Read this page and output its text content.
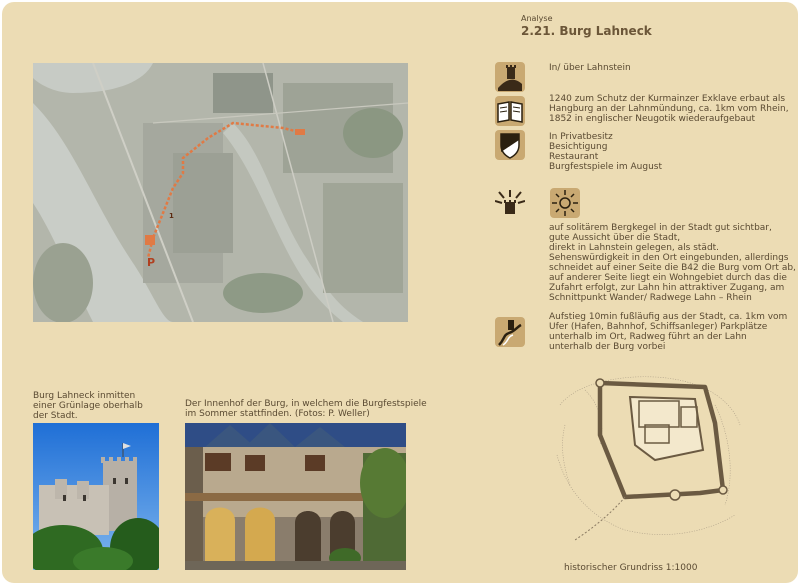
Analyse
2.21. Burg Lahneck
P
1
In/ über Lahnstein
1240 zum Schutz der Kurmainzer Exklave erbaut als
Hangburg an der Lahnmündung, ca. 1km vom Rhein,
1852 in englischer Neugotik wiederaufgebaut
In Privatbesitz
Besichtigung
Restaurant
Burgfestspiele im August
auf solitärem Bergkegel in der Stadt gut sichtbar,
gute Aussicht über die Stadt,
direkt in Lahnstein gelegen, als städt.
Sehenswürdigkeit in den Ort eingebunden, allerdings
schneidet auf einer Seite die B42 die Burg vom Ort ab,
auf anderer Seite liegt ein Wohngebiet durch das die
Zufahrt erfolgt, zur Lahn hin attraktiver Zugang, am
Schnittpunkt Wander/ Radwege Lahn – Rhein
Aufstieg 10min fußläufig aus der Stadt, ca. 1km vom
Ufer (Hafen, Bahnhof, Schiffsanleger) Parkplätze
unterhalb im Ort, Radweg führt an der Lahn
unterhalb der Burg vorbei
Burg Lahneck inmitten
einer Grünlage oberhalb
der Stadt.
Der Innenhof der Burg, in welchem die Burgfestspiele
im Sommer stattfinden. (Fotos: P. Weller)
historischer Grundriss 1:1000
